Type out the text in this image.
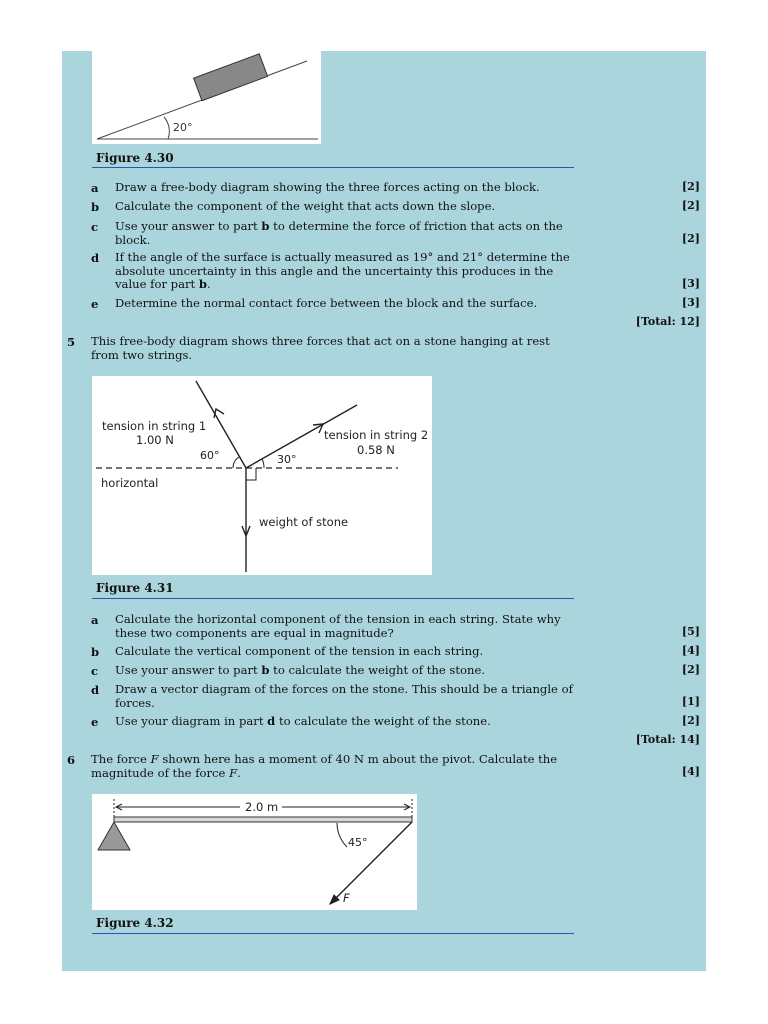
20°
Figure 4.30
a Draw a free-body diagram showing the three forces acting on the block.	[2]
b Calculate the component of the weight that acts down the slope.	[2]
c Use your answer to part b to determine the force of friction that acts on the block.	[2]
d If the angle of the surface is actually measured as 19° and 21° determine the absolute uncertainty in this angle and the uncertainty this produces in the value for part b.	[3]
e Determine the normal contact force between the block and the surface.	[3]
[Total: 12]
5 This free-body diagram shows three forces that act on a stone hanging at rest from two strings.
tension in string 1
1.00 N	tension in string 2
0.58 N
60°	30°
horizontal
weight of stone
Figure 4.31
a Calculate the horizontal component of the tension in each string. State why these two components are equal in magnitude?	[5]
b Calculate the vertical component of the tension in each string.	[4]
c Use your answer to part b to calculate the weight of the stone.	[2]
d Draw a vector diagram of the forces on the stone. This should be a triangle of forces.	[1]
e Use your diagram in part d to calculate the weight of the stone.	[2]
[Total: 14]
6 The force F shown here has a moment of 40 N m about the pivot. Calculate the magnitude of the force F.	[4]
2.0 m
45°
F
Figure 4.32
